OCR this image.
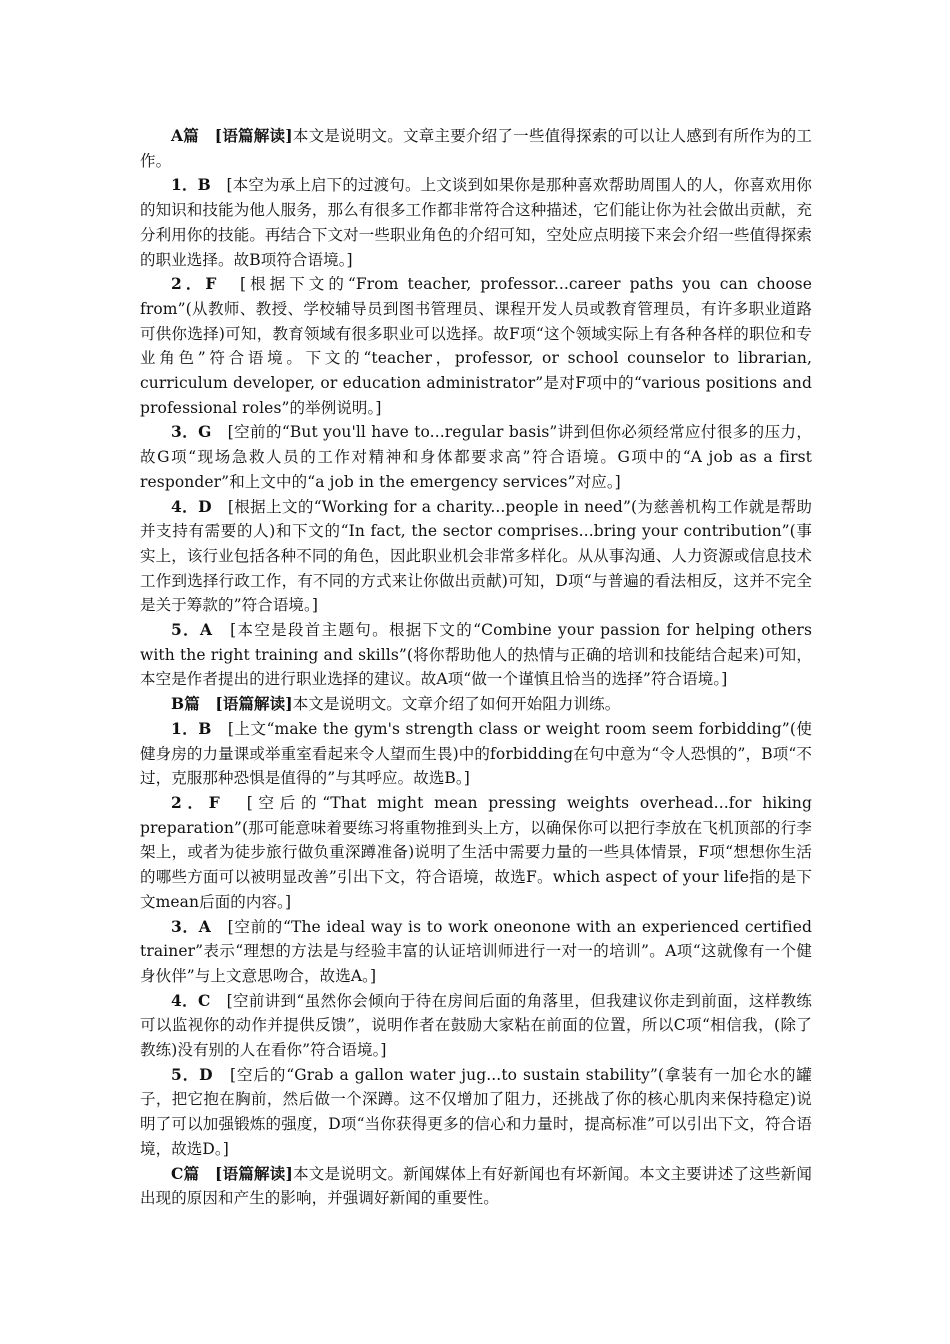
A篇　[语篇解读]本文是说明文。文章主要介绍了一些值得探索的可以让人感到有所作为的工作。

1．B　[本空为承上启下的过渡句。上文谈到如果你是那种喜欢帮助周围人的人，你喜欢用你的知识和技能为他人服务，那么有很多工作都非常符合这种描述，它们能让你为社会做出贡献，充分利用你的技能。再结合下文对一些职业角色的介绍可知，空处应点明接下来会介绍一些值得探索的职业选择。故B项符合语境。]

2．F　[根据下文的“From teacher, professor...career paths you can choose from”(从教师、教授、学校辅导员到图书管理员、课程开发人员或教育管理员，有许多职业道路可供你选择)可知，教育领域有很多职业可以选择。故F项“这个领域实际上有各种各样的职位和专业角色”符合语境。下文的“teacher，professor, or school counselor to librarian, curriculum developer, or education administrator”是对F项中的“various positions and professional roles”的举例说明。]

3．G　[空前的“But you'll have to...regular basis”讲到但你必须经常应付很多的压力，故G项“现场急救人员的工作对精神和身体都要求高”符合语境。G项中的“A job as a first responder”和上文中的“a job in the emergency services”对应。]

4．D　[根据上文的“Working for a charity...people in need”(为慈善机构工作就是帮助并支持有需要的人)和下文的“In fact, the sector comprises...bring your contribution”(事实上，该行业包括各种不同的角色，因此职业机会非常多样化。从从事沟通、人力资源或信息技术工作到选择行政工作，有不同的方式来让你做出贡献)可知，D项“与普遍的看法相反，这并不完全是关于筹款的”符合语境。]

5．A　[本空是段首主题句。根据下文的“Combine your passion for helping others with the right training and skills”(将你帮助他人的热情与正确的培训和技能结合起来)可知，本空是作者提出的进行职业选择的建议。故A项“做一个谨慎且恰当的选择”符合语境。]

B篇　[语篇解读]本文是说明文。文章介绍了如何开始阻力训练。

1．B　[上文“make the gym's strength class or weight room seem forbidding”(使健身房的力量课或举重室看起来令人望而生畏)中的forbidding在句中意为“令人恐惧的”，B项“不过，克服那种恐惧是值得的”与其呼应。故选B。]

2．F　[空后的“That might mean pressing weights overhead...for hiking preparation”(那可能意味着要练习将重物推到头上方，以确保你可以把行李放在飞机顶部的行李架上，或者为徒步旅行做负重深蹲准备)说明了生活中需要力量的一些具体情景，F项“想想你生活的哪些方面可以被明显改善”引出下文，符合语境，故选F。which aspect of your life指的是下文mean后面的内容。]

3．A　[空前的“The ideal way is to work oneonone with an experienced certified trainer”表示“理想的方法是与经验丰富的认证培训师进行一对一的培训”。A项“这就像有一个健身伙伴”与上文意思吻合，故选A。]

4．C　[空前讲到“虽然你会倾向于待在房间后面的角落里，但我建议你走到前面，这样教练可以监视你的动作并提供反馈”，说明作者在鼓励大家粘在前面的位置，所以C项“相信我，(除了教练)没有别的人在看你”符合语境。]

5．D　[空后的“Grab a gallon water jug...to sustain stability”(拿装有一加仑水的罐子，把它抱在胸前，然后做一个深蹲。这不仅增加了阻力，还挑战了你的核心肌肉来保持稳定)说明了可以加强锻炼的强度，D项“当你获得更多的信心和力量时，提高标准”可以引出下文，符合语境，故选D。]

C篇　[语篇解读]本文是说明文。新闻媒体上有好新闻也有坏新闻。本文主要讲述了这些新闻出现的原因和产生的影响，并强调好新闻的重要性。
